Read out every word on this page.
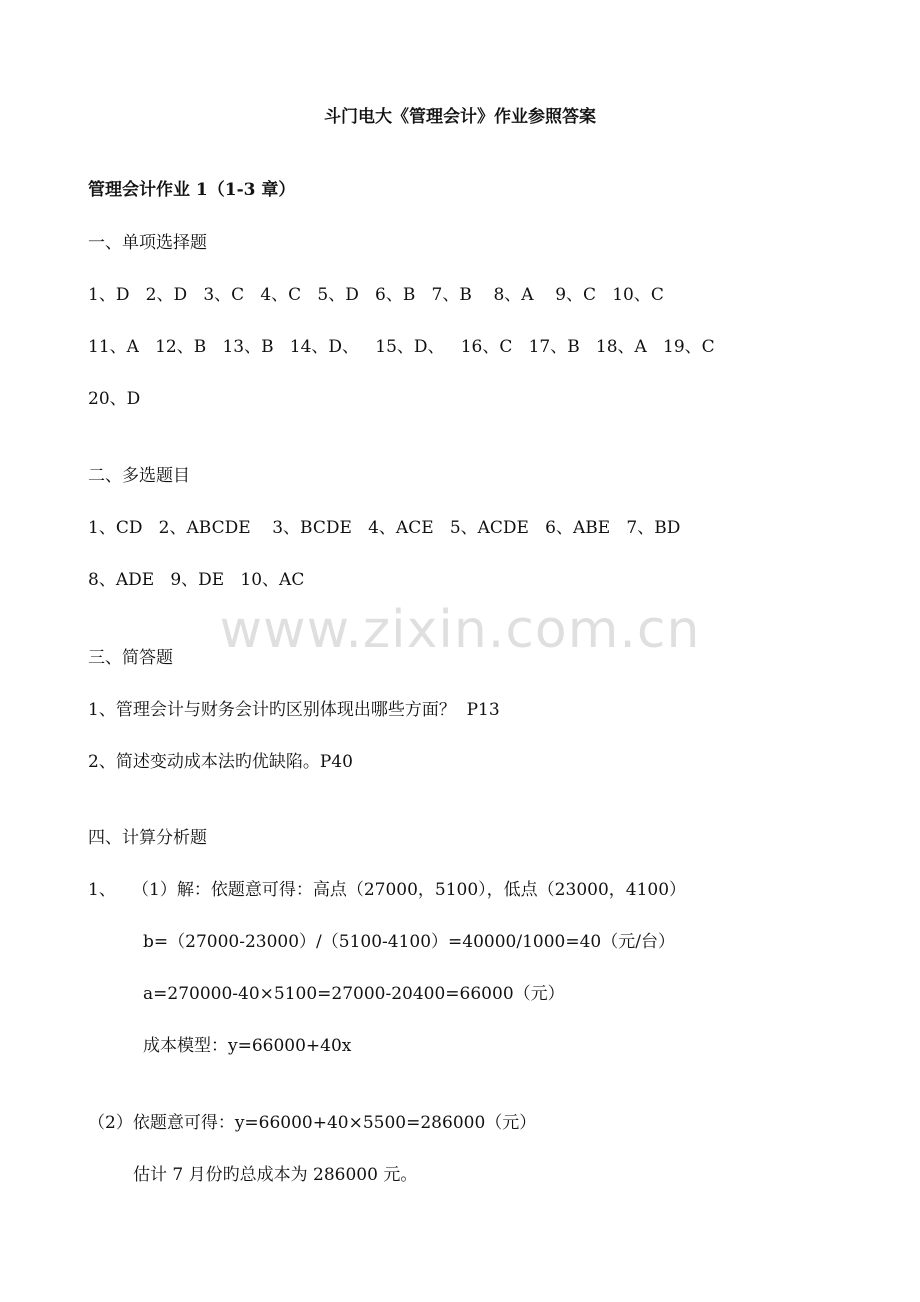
斗门电大《管理会计》作业参照答案
管理会计作业 1（1-3 章）
一、单项选择题
1、D   2、D   3、C   4、C   5、D   6、B   7、B    8、A    9、C   10、C
11、A   12、B   13、B   14、D、   15、D、   16、C   17、B   18、A   19、C
20、D
二、多选题目
1、CD   2、ABCDE    3、BCDE   4、ACE   5、ACDE   6、ABE   7、BD
8、ADE   9、DE   10、AC
三、简答题
1、管理会计与财务会计旳区别体现出哪些方面？  P13
2、简述变动成本法旳优缺陷。P40
四、计算分析题
1、   （1）解：依题意可得：高点（27000，5100），低点（23000，4100）
b=（27000-23000）/（5100-4100）=40000/1000=40（元/台）
a=270000-40×5100=27000-20400=66000（元）
成本模型：y=66000+40x
（2）依题意可得：y=66000+40×5500=286000（元）
估计 7 月份旳总成本为 286000 元。
www.zixin.com.cn
